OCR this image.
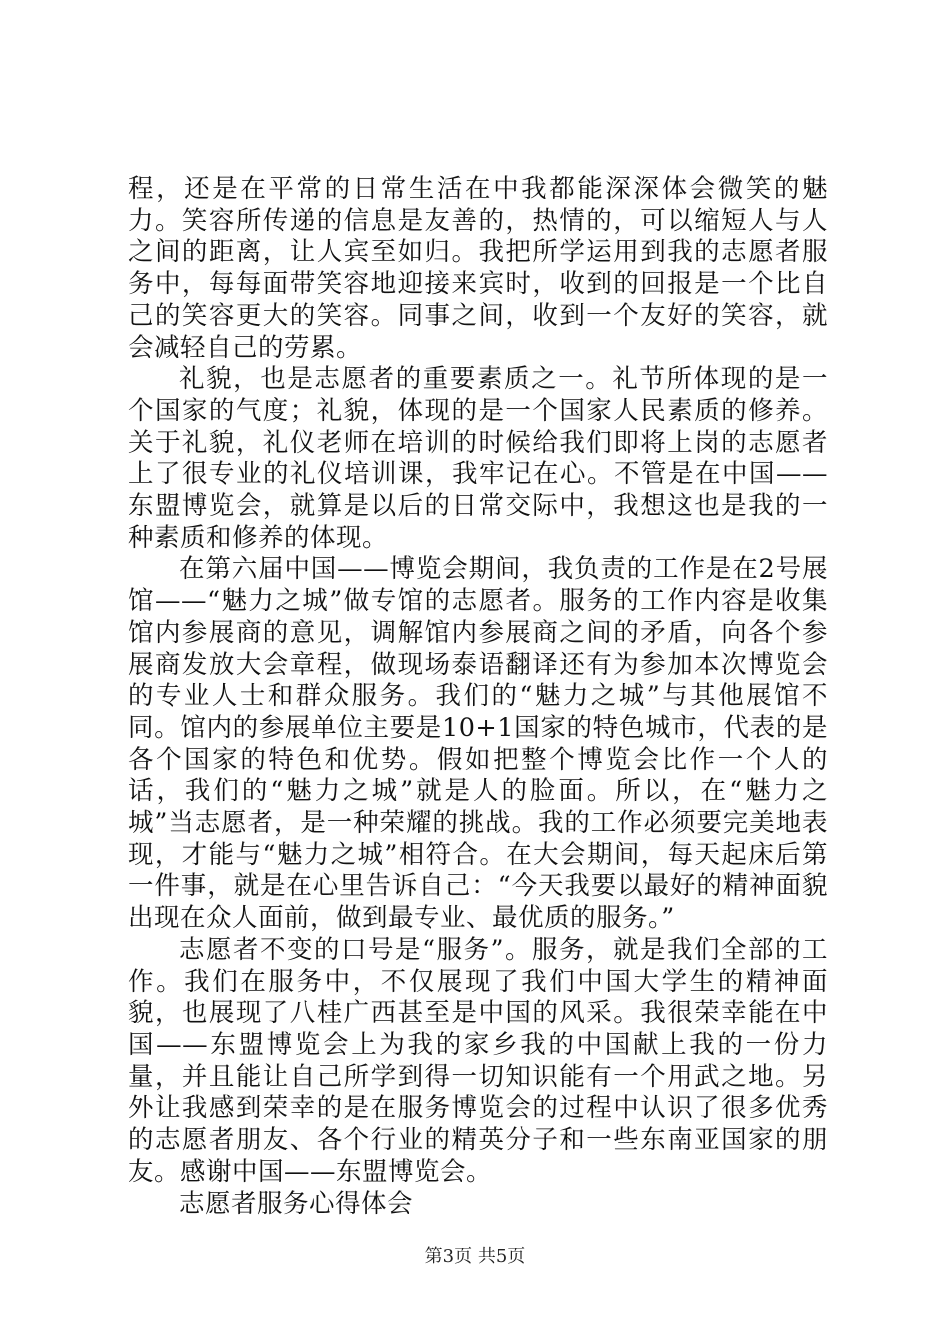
程，还是在平常的日常生活在中我都能深深体会微笑的魅力。笑容所传递的信息是友善的，热情的，可以缩短人与人之间的距离，让人宾至如归。我把所学运用到我的志愿者服务中，每每面带笑容地迎接来宾时，收到的回报是一个比自己的笑容更大的笑容。同事之间，收到一个友好的笑容，就会减轻自己的劳累。

礼貌，也是志愿者的重要素质之一。礼节所体现的是一个国家的气度；礼貌，体现的是一个国家人民素质的修养。关于礼貌，礼仪老师在培训的时候给我们即将上岗的志愿者上了很专业的礼仪培训课，我牢记在心。不管是在中国——东盟博览会，就算是以后的日常交际中，我想这也是我的一种素质和修养的体现。

在第六届中国——博览会期间，我负责的工作是在2号展馆——“魅力之城”做专馆的志愿者。服务的工作内容是收集馆内参展商的意见，调解馆内参展商之间的矛盾，向各个参展商发放大会章程，做现场泰语翻译还有为参加本次博览会的专业人士和群众服务。我们的“魅力之城”与其他展馆不同。馆内的参展单位主要是10+1国家的特色城市，代表的是各个国家的特色和优势。假如把整个博览会比作一个人的话，我们的“魅力之城”就是人的脸面。所以，在“魅力之城”当志愿者，是一种荣耀的挑战。我的工作必须要完美地表现，才能与“魅力之城”相符合。在大会期间，每天起床后第一件事，就是在心里告诉自己：“今天我要以最好的精神面貌出现在众人面前，做到最专业、最优质的服务。”

志愿者不变的口号是“服务”。服务，就是我们全部的工作。我们在服务中，不仅展现了我们中国大学生的精神面貌，也展现了八桂广西甚至是中国的风采。我很荣幸能在中国——东盟博览会上为我的家乡我的中国献上我的一份力量，并且能让自己所学到得一切知识能有一个用武之地。另外让我感到荣幸的是在服务博览会的过程中认识了很多优秀的志愿者朋友、各个行业的精英分子和一些东南亚国家的朋友。感谢中国——东盟博览会。

志愿者服务心得体会

第3页 共5页
